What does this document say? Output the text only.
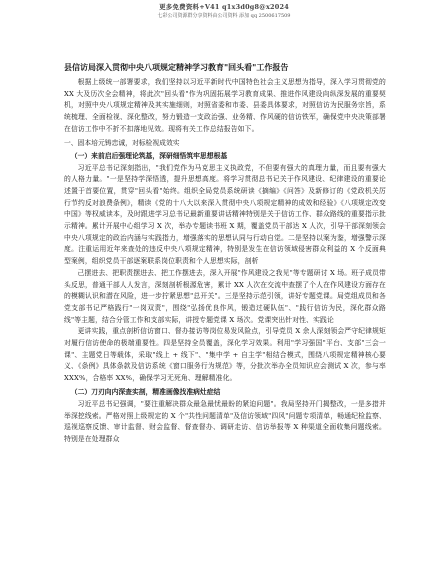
更多免费资料+V41 q1x3d0g8@x2024
七彩公司资源群分享资料由公司资料 添加 qq 2500617509
县信访局深入贯彻中央八项规定精神学习教育"回头看"工作报告

根据上级统一部署要求，我们坚持以习近平新时代中国特色社会主义思想为指导，深入学习贯彻党的 XX 大及历次全会精神，将此次"回头看"作为巩固拓展学习教育成果、推进作风建设向纵深发展的重要契机，对照中央八项规定精神及其实施细则，对照省委和市委、县委具体要求，对照信访为民服务宗旨，系统梳理、全面检视、深化整改，努力锻造一支政治强、业务精、作风硬的信访铁军，确保党中央决策部署在信访工作中不折不扣落地见效。现将有关工作总结报告如下。

一、固本培元铸忠诚，对标检视成效实
（一）来前启后强理论筑基，深研细悟筑牢思想根基

习近平总书记深刻指出，"我们党作为马克思主义执政党，不但要有强大的真理力量，而且要有强大的人格力量。"一是坚持学深悟透，提升思想高度。将学习贯彻总书记关于作风建设、纪律建设的重要论述置于首要位置，贯穿"回头看"始终。组织全局党员系统研读《摘编》《问答》及新修订的《党政机关厉行节约反对浪费条例》，精读《党的十八大以来深入贯彻中央八项规定精神的成效和经验》《八项规定改变中国》等权威读本，及时跟进学习总书记最新重要讲话精神特别是关于信访工作、群众路线的重要指示批示精神。累计开展中心组学习 X 次，举办专题读书班 X 期，覆盖党员干部达 X 人次，引导干部深刻领会中央八项规定的政治内涵与实践指力，增强落实的思想认同与行动自觉。二是坚持以案为鉴，增强警示深度。注重运用近年来查处的违反中央八项规定精神，特别是发生在信访领域侵害群众利益的 X 个反面典型案例，组织党员干部逐案联系岗位职责和个人思想实际，剖析

己摆进去、把职责摆进去、把工作摆进去，深入开展"作风建设之我见"等专题研讨 X 场。班子成员带头反思，普通干部人人发言，深刻剖析根源危害，累计 XX 人次在交流中查摆了个人在作风建设方面存在的模糊认识和潜在风险，进一步拧紧思想"总开关"。三是坚持示范引领，讲好专题党课。局党组成员和各党支部书记严格践行"一岗双责"，围绕"弘扬优良作风，锻造过硬队伍"、"践行信访为民，深化群众路线"等主题，结合分管工作和支部实际，讲授专题党课 X 场次。党课突出针对性、实践论

更讲实践，重点剖析信访窗口、督办接访等岗位易发风险点，引导党员 X 余人深刻领会严守纪律规矩对履行信访使命的极端重要性。四是坚持全员覆盖，深化学习效果。利用"学习强国"平台、支部"三会一课"、主题党日等载体，采取"线上 + 线下"、"集中学 + 自主学"相结合模式，围绕八项规定精神核心要义、《条例》具体条款及信访系统《窗口服务行为规范》等，分批次举办全员知识应会测试 X 次，参与率 XXX%，合格率 XX%，确保学习无死角、理解精准化。

（二）刀刃向内深查实剖，精准画像找准病灶症结

习近平总书记强调，"要注重解决群众最急最忧最盼的紧迫问题"。我局坚持开门揭整改，一是多措并举深挖线索。严格对照上级规定的 X 个"共性问题清单"及信访领域"四风"问题专项清单，畅通纪检监察、巡视巡察反馈、审计监督、财会监督、督查督办、调研走访、信访举报等 X 种渠道全面收集问题线索。特别是在处理群众
